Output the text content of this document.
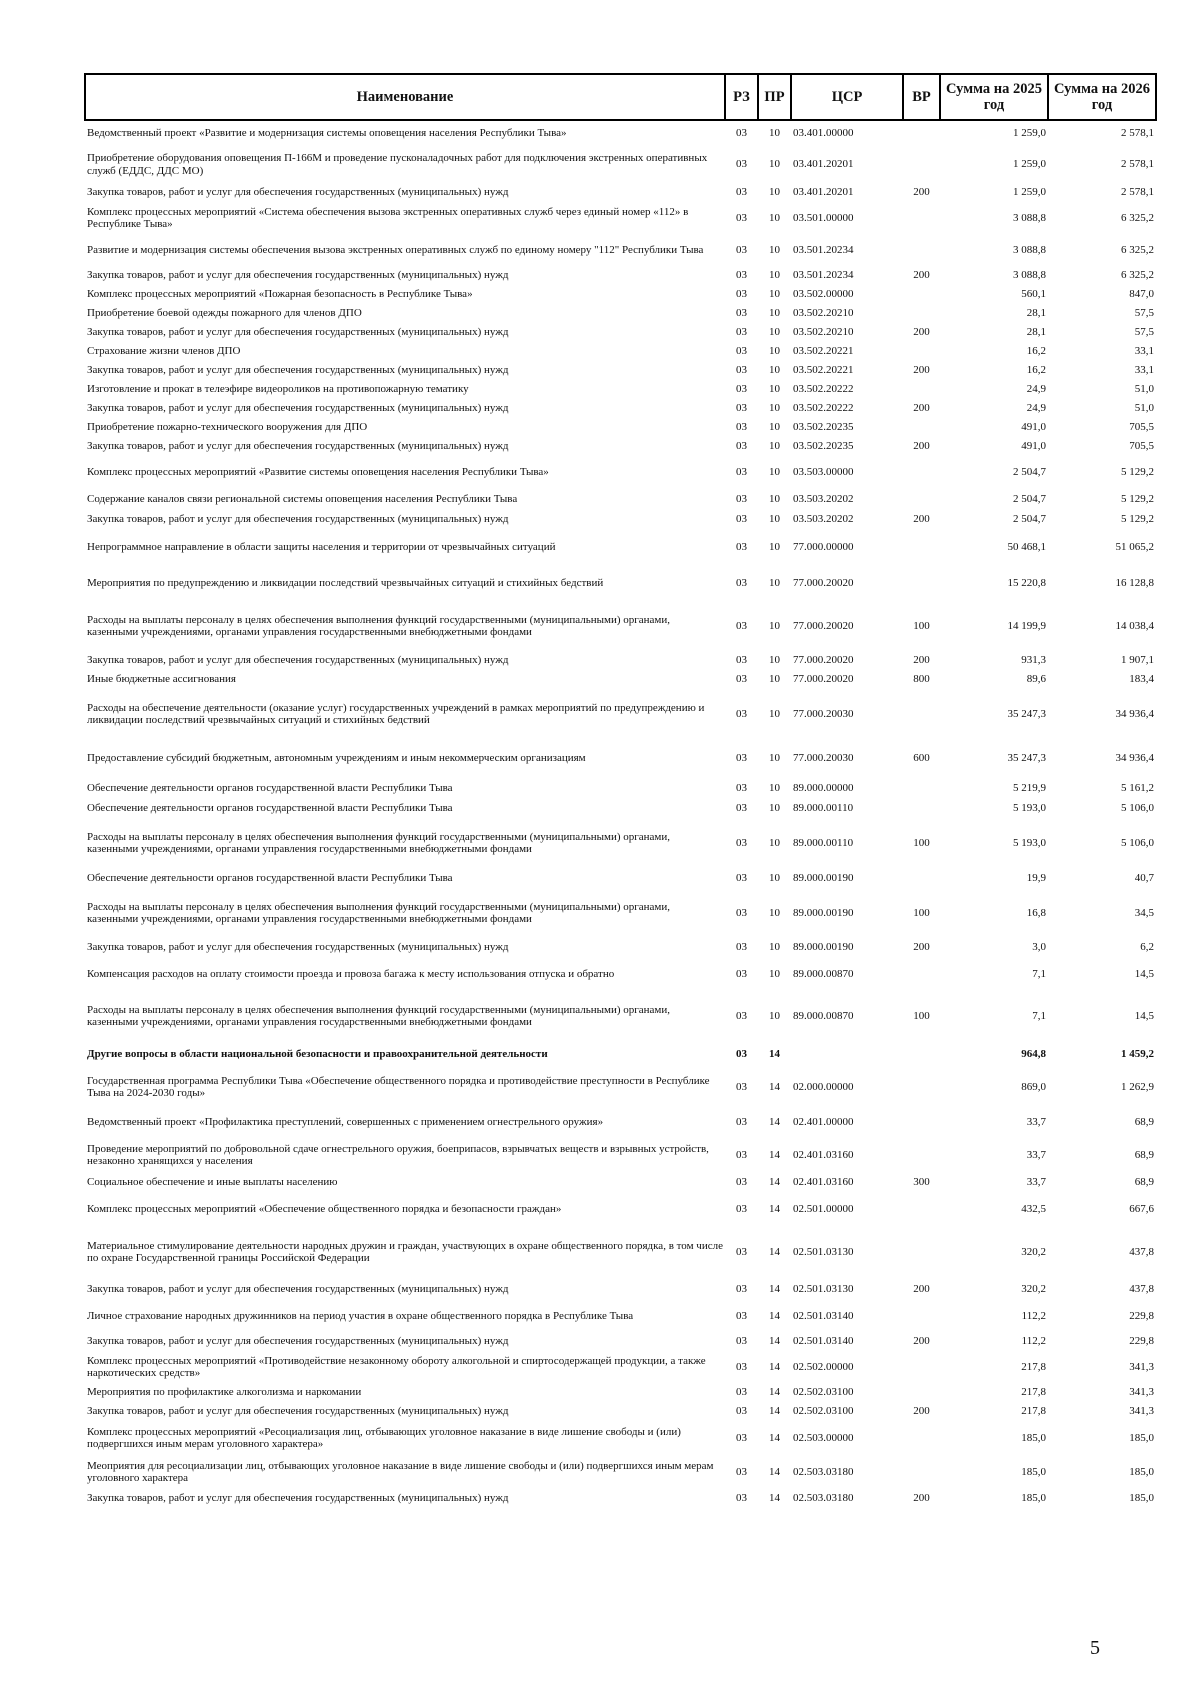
Наименование	РЗ	ПР	ЦСР	ВР	Сумма на 2025 год	Сумма на 2026 год
Ведомственный проект «Развитие и модернизация системы оповещения населения Республики Тыва»	03	10	03.401.00000		1 259,0	2 578,1
Приобретение оборудования оповещения П-166М и проведение пусконаладочных работ для подключения экстренных оперативных служб (ЕДДС, ДДС МО)	03	10	03.401.20201		1 259,0	2 578,1
Закупка товаров, работ и услуг для обеспечения государственных (муниципальных) нужд	03	10	03.401.20201	200	1 259,0	2 578,1
Комплекс процессных мероприятий «Система обеспечения вызова экстренных оперативных служб через единый номер «112» в Республике Тыва»	03	10	03.501.00000		3 088,8	6 325,2
Развитие и модернизация системы обеспечения вызова экстренных оперативных служб по единому номеру "112" Республики Тыва	03	10	03.501.20234		3 088,8	6 325,2
Закупка товаров, работ и услуг для обеспечения государственных (муниципальных) нужд	03	10	03.501.20234	200	3 088,8	6 325,2
Комплекс процессных мероприятий «Пожарная безопасность в Республике Тыва»	03	10	03.502.00000		560,1	847,0
Приобретение боевой одежды пожарного для членов ДПО	03	10	03.502.20210		28,1	57,5
Закупка товаров, работ и услуг для обеспечения государственных (муниципальных) нужд	03	10	03.502.20210	200	28,1	57,5
Страхование жизни членов ДПО	03	10	03.502.20221		16,2	33,1
Закупка товаров, работ и услуг для обеспечения государственных (муниципальных) нужд	03	10	03.502.20221	200	16,2	33,1
Изготовление и прокат в телеэфире видеороликов на противопожарную тематику	03	10	03.502.20222		24,9	51,0
Закупка товаров, работ и услуг для обеспечения государственных (муниципальных) нужд	03	10	03.502.20222	200	24,9	51,0
Приобретение пожарно-технического вооружения для ДПО	03	10	03.502.20235		491,0	705,5
Закупка товаров, работ и услуг для обеспечения государственных (муниципальных) нужд	03	10	03.502.20235	200	491,0	705,5
Комплекс процессных мероприятий «Развитие системы оповещения населения Республики Тыва»	03	10	03.503.00000		2 504,7	5 129,2
Содержание каналов связи региональной системы оповещения населения Республики Тыва	03	10	03.503.20202		2 504,7	5 129,2
Закупка товаров, работ и услуг для обеспечения государственных (муниципальных) нужд	03	10	03.503.20202	200	2 504,7	5 129,2
Непрограммное направление в области защиты населения и территории от чрезвычайных ситуаций	03	10	77.000.00000		50 468,1	51 065,2
Мероприятия по предупреждению и ликвидации последствий чрезвычайных ситуаций и стихийных бедствий	03	10	77.000.20020		15 220,8	16 128,8
Расходы на выплаты персоналу в целях обеспечения выполнения функций государственными (муниципальными) органами, казенными учреждениями, органами управления государственными внебюджетными фондами	03	10	77.000.20020	100	14 199,9	14 038,4
Закупка товаров, работ и услуг для обеспечения государственных (муниципальных) нужд	03	10	77.000.20020	200	931,3	1 907,1
Иные бюджетные ассигнования	03	10	77.000.20020	800	89,6	183,4
Расходы на обеспечение деятельности (оказание услуг) государственных учреждений в рамках мероприятий по предупреждению и ликвидации последствий чрезвычайных ситуаций и стихийных бедствий	03	10	77.000.20030		35 247,3	34 936,4
Предоставление субсидий бюджетным, автономным учреждениям и иным некоммерческим организациям	03	10	77.000.20030	600	35 247,3	34 936,4
Обеспечение деятельности органов государственной власти Республики Тыва	03	10	89.000.00000		5 219,9	5 161,2
Обеспечение деятельности органов государственной власти Республики Тыва	03	10	89.000.00110		5 193,0	5 106,0
Расходы на выплаты персоналу в целях обеспечения выполнения функций государственными (муниципальными) органами, казенными учреждениями, органами управления государственными внебюджетными фондами	03	10	89.000.00110	100	5 193,0	5 106,0
Обеспечение деятельности органов государственной власти Республики Тыва	03	10	89.000.00190		19,9	40,7
Расходы на выплаты персоналу в целях обеспечения выполнения функций государственными (муниципальными) органами, казенными учреждениями, органами управления государственными внебюджетными фондами	03	10	89.000.00190	100	16,8	34,5
Закупка товаров, работ и услуг для обеспечения государственных (муниципальных) нужд	03	10	89.000.00190	200	3,0	6,2
Компенсация расходов на оплату стоимости проезда и провоза багажа к месту использования отпуска и обратно	03	10	89.000.00870		7,1	14,5
Расходы на выплаты персоналу в целях обеспечения выполнения функций государственными (муниципальными) органами, казенными учреждениями, органами управления государственными внебюджетными фондами	03	10	89.000.00870	100	7,1	14,5
Другие вопросы в области национальной безопасности и правоохранительной деятельности	03	14			964,8	1 459,2
Государственная программа Республики Тыва «Обеспечение общественного порядка и противодействие преступности в Республике Тыва на 2024-2030 годы»	03	14	02.000.00000		869,0	1 262,9
Ведомственный проект «Профилактика преступлений, совершенных с применением огнестрельного оружия»	03	14	02.401.00000		33,7	68,9
Проведение мероприятий по добровольной сдаче огнестрельного оружия, боеприпасов, взрывчатых веществ и взрывных устройств, незаконно хранящихся у населения	03	14	02.401.03160		33,7	68,9
Социальное обеспечение и иные выплаты населению	03	14	02.401.03160	300	33,7	68,9
Комплекс процессных мероприятий «Обеспечение общественного порядка и безопасности граждан»	03	14	02.501.00000		432,5	667,6
Материальное стимулирование деятельности народных дружин и граждан, участвующих в охране общественного порядка, в том числе по охране Государственной границы Российской Федерации	03	14	02.501.03130		320,2	437,8
Закупка товаров, работ и услуг для обеспечения государственных (муниципальных) нужд	03	14	02.501.03130	200	320,2	437,8
Личное страхование народных дружинников на период участия в охране общественного порядка в Республике Тыва	03	14	02.501.03140		112,2	229,8
Закупка товаров, работ и услуг для обеспечения государственных (муниципальных) нужд	03	14	02.501.03140	200	112,2	229,8
Комплекс процессных мероприятий «Противодействие незаконному обороту алкогольной и спиртосодержащей продукции, а также наркотических средств»	03	14	02.502.00000		217,8	341,3
Мероприятия по профилактике алкоголизма и наркомании	03	14	02.502.03100		217,8	341,3
Закупка товаров, работ и услуг для обеспечения государственных (муниципальных) нужд	03	14	02.502.03100	200	217,8	341,3
Комплекс процессных мероприятий «Ресоциализация лиц, отбывающих уголовное наказание в виде лишение свободы и (или) подвергшихся иным мерам уголовного характера»	03	14	02.503.00000		185,0	185,0
Меоприятия для ресоциализации лиц, отбывающих уголовное наказание в виде лишение свободы и (или) подвергшихся иным мерам уголовного характера	03	14	02.503.03180		185,0	185,0
Закупка товаров, работ и услуг для обеспечения государственных (муниципальных) нужд	03	14	02.503.03180	200	185,0	185,0
5
